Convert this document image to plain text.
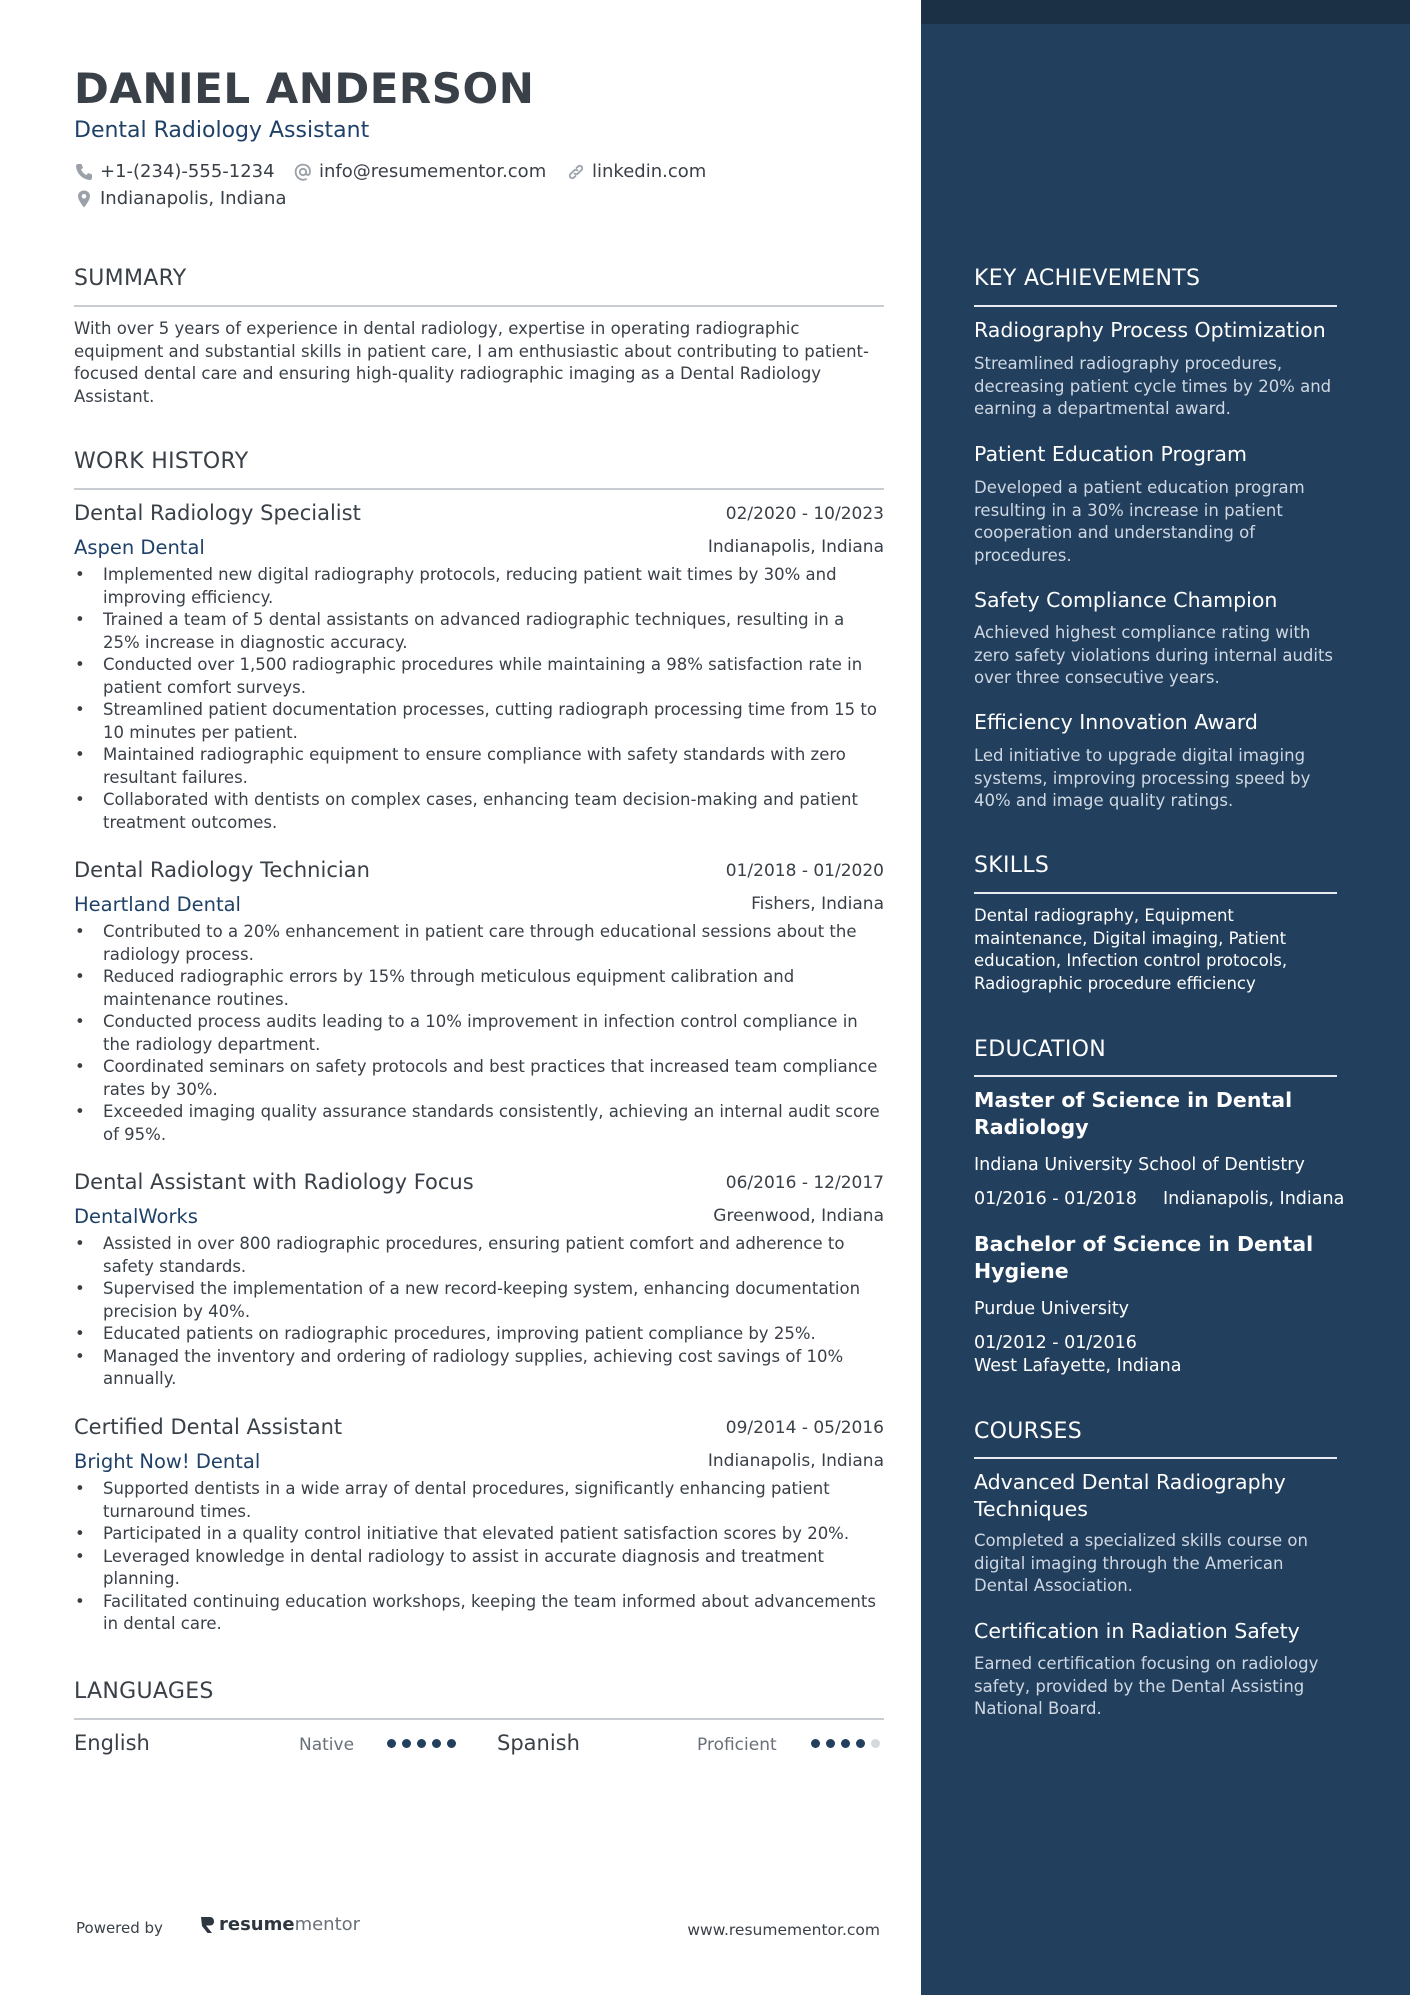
KEY ACHIEVEMENTS
Radiography Process Optimization
Streamlined radiography procedures, decreasing patient cycle times by 20% and earning a departmental award.
Patient Education Program
Developed a patient education program resulting in a 30% increase in patient cooperation and understanding of procedures.
Safety Compliance Champion
Achieved highest compliance rating with zero safety violations during internal audits over three consecutive years.
Efficiency Innovation Award
Led initiative to upgrade digital imaging systems, improving processing speed by 40% and image quality ratings.
SKILLS
Dental radiography, Equipment maintenance, Digital imaging, Patient education, Infection control protocols, Radiographic procedure efficiency
EDUCATION
Master of Science in Dental Radiology
Indiana University School of Dentistry
01/2016 - 01/2018 Indianapolis, Indiana
Bachelor of Science in Dental Hygiene
Purdue University
01/2012 - 01/2016
West Lafayette, Indiana
COURSES
Advanced Dental Radiography Techniques
Completed a specialized skills course on digital imaging through the American Dental Association.
Certification in Radiation Safety
Earned certification focusing on radiology safety, provided by the Dental Assisting National Board.
DANIEL ANDERSON
Dental Radiology Assistant
+1-(234)-555-1234 info@resumementor.com	linkedin.com
Indianapolis, Indiana
SUMMARY
With over 5 years of experience in dental radiology, expertise in operating radiographic equipment and substantial skills in patient care, I am enthusiastic about contributing to patient-focused dental care and ensuring high-quality radiographic imaging as a Dental Radiology Assistant.
WORK HISTORY
Dental Radiology Specialist	02/2020 - 10/2023
Aspen Dental	Indianapolis, Indiana
• Implemented new digital radiography protocols, reducing patient wait times by 30% and improving efficiency.
• Trained a team of 5 dental assistants on advanced radiographic techniques, resulting in a 25% increase in diagnostic accuracy.
• Conducted over 1,500 radiographic procedures while maintaining a 98% satisfaction rate in patient comfort surveys.
• Streamlined patient documentation processes, cutting radiograph processing time from 15 to 10 minutes per patient.
• Maintained radiographic equipment to ensure compliance with safety standards with zero resultant failures.
• Collaborated with dentists on complex cases, enhancing team decision-making and patient treatment outcomes.
Dental Radiology Technician	01/2018 - 01/2020
Heartland Dental	Fishers, Indiana
• Contributed to a 20% enhancement in patient care through educational sessions about the radiology process.
• Reduced radiographic errors by 15% through meticulous equipment calibration and maintenance routines.
• Conducted process audits leading to a 10% improvement in infection control compliance in the radiology department.
• Coordinated seminars on safety protocols and best practices that increased team compliance rates by 30%.
• Exceeded imaging quality assurance standards consistently, achieving an internal audit score of 95%.
Dental Assistant with Radiology Focus	06/2016 - 12/2017
DentalWorks	Greenwood, Indiana
• Assisted in over 800 radiographic procedures, ensuring patient comfort and adherence to safety standards.
• Supervised the implementation of a new record-keeping system, enhancing documentation precision by 40%.
• Educated patients on radiographic procedures, improving patient compliance by 25%.
• Managed the inventory and ordering of radiology supplies, achieving cost savings of 10% annually.
Certified Dental Assistant	09/2014 - 05/2016
Bright Now! Dental	Indianapolis, Indiana
• Supported dentists in a wide array of dental procedures, significantly enhancing patient turnaround times.
• Participated in a quality control initiative that elevated patient satisfaction scores by 20%.
• Leveraged knowledge in dental radiology to assist in accurate diagnosis and treatment planning.
• Facilitated continuing education workshops, keeping the team informed about advancements in dental care.
LANGUAGES
English	Native	Spanish	Proficient
Powered by	resume mentor	www.resumementor.com
